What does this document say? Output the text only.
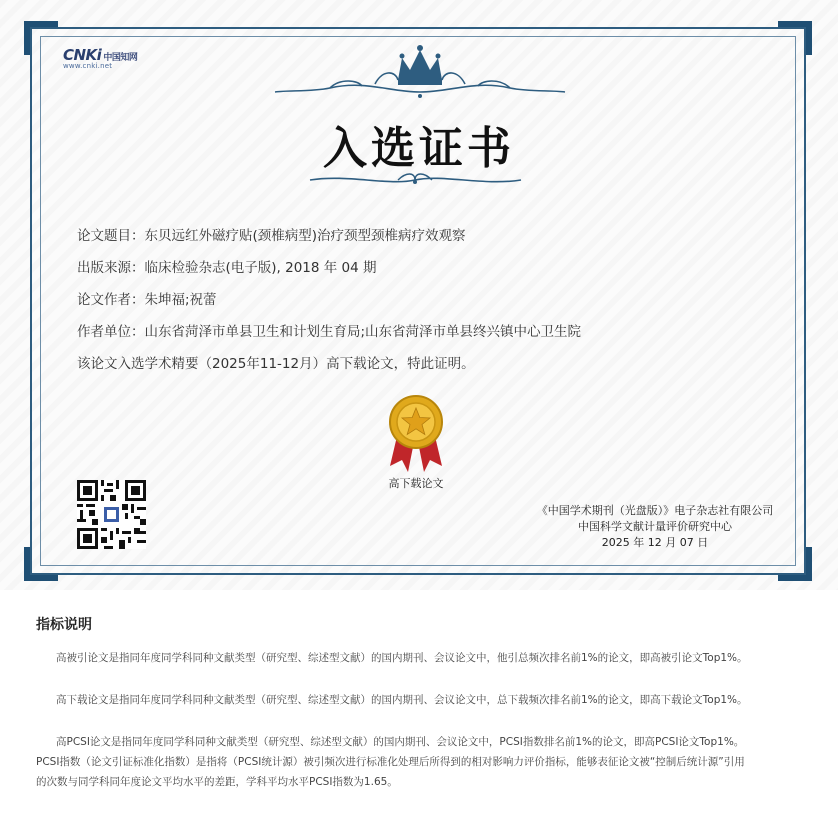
CNKi 中国知网
www.cnki.net
入选证书
论文题目：东贝远红外磁疗贴(颈椎病型)治疗颈型颈椎病疗效观察
出版来源：临床检验杂志(电子版), 2018 年 04 期
论文作者：朱坤福;祝蕾
作者单位：山东省菏泽市单县卫生和计划生育局;山东省菏泽市单县终兴镇中心卫生院
该论文入选学术精要（2025年11-12月）高下载论文，特此证明。
高下载论文
《中国学术期刊（光盘版）》电子杂志社有限公司
中国科学文献计量评价研究中心
2025 年 12 月 07 日
指标说明
高被引论文是指同年度同学科同种文献类型（研究型、综述型文献）的国内期刊、会议论文中，他引总频次排名前1%的论文，即高被引论文Top1%。
高下载论文是指同年度同学科同种文献类型（研究型、综述型文献）的国内期刊、会议论文中，总下载频次排名前1%的论文，即高下载论文Top1%。
高PCSI论文是指同年度同学科同种文献类型（研究型、综述型文献）的国内期刊、会议论文中，PCSI指数排名前1%的论文，即高PCSI论文Top1%。
PCSI指数（论文引证标准化指数）是指将（PCSI统计源）被引频次进行标准化处理后所得到的相对影响力评价指标，能够表征论文被“控制后统计源”引用
的次数与同学科同年度论文平均水平的差距，学科平均水平PCSI指数为1.65。
